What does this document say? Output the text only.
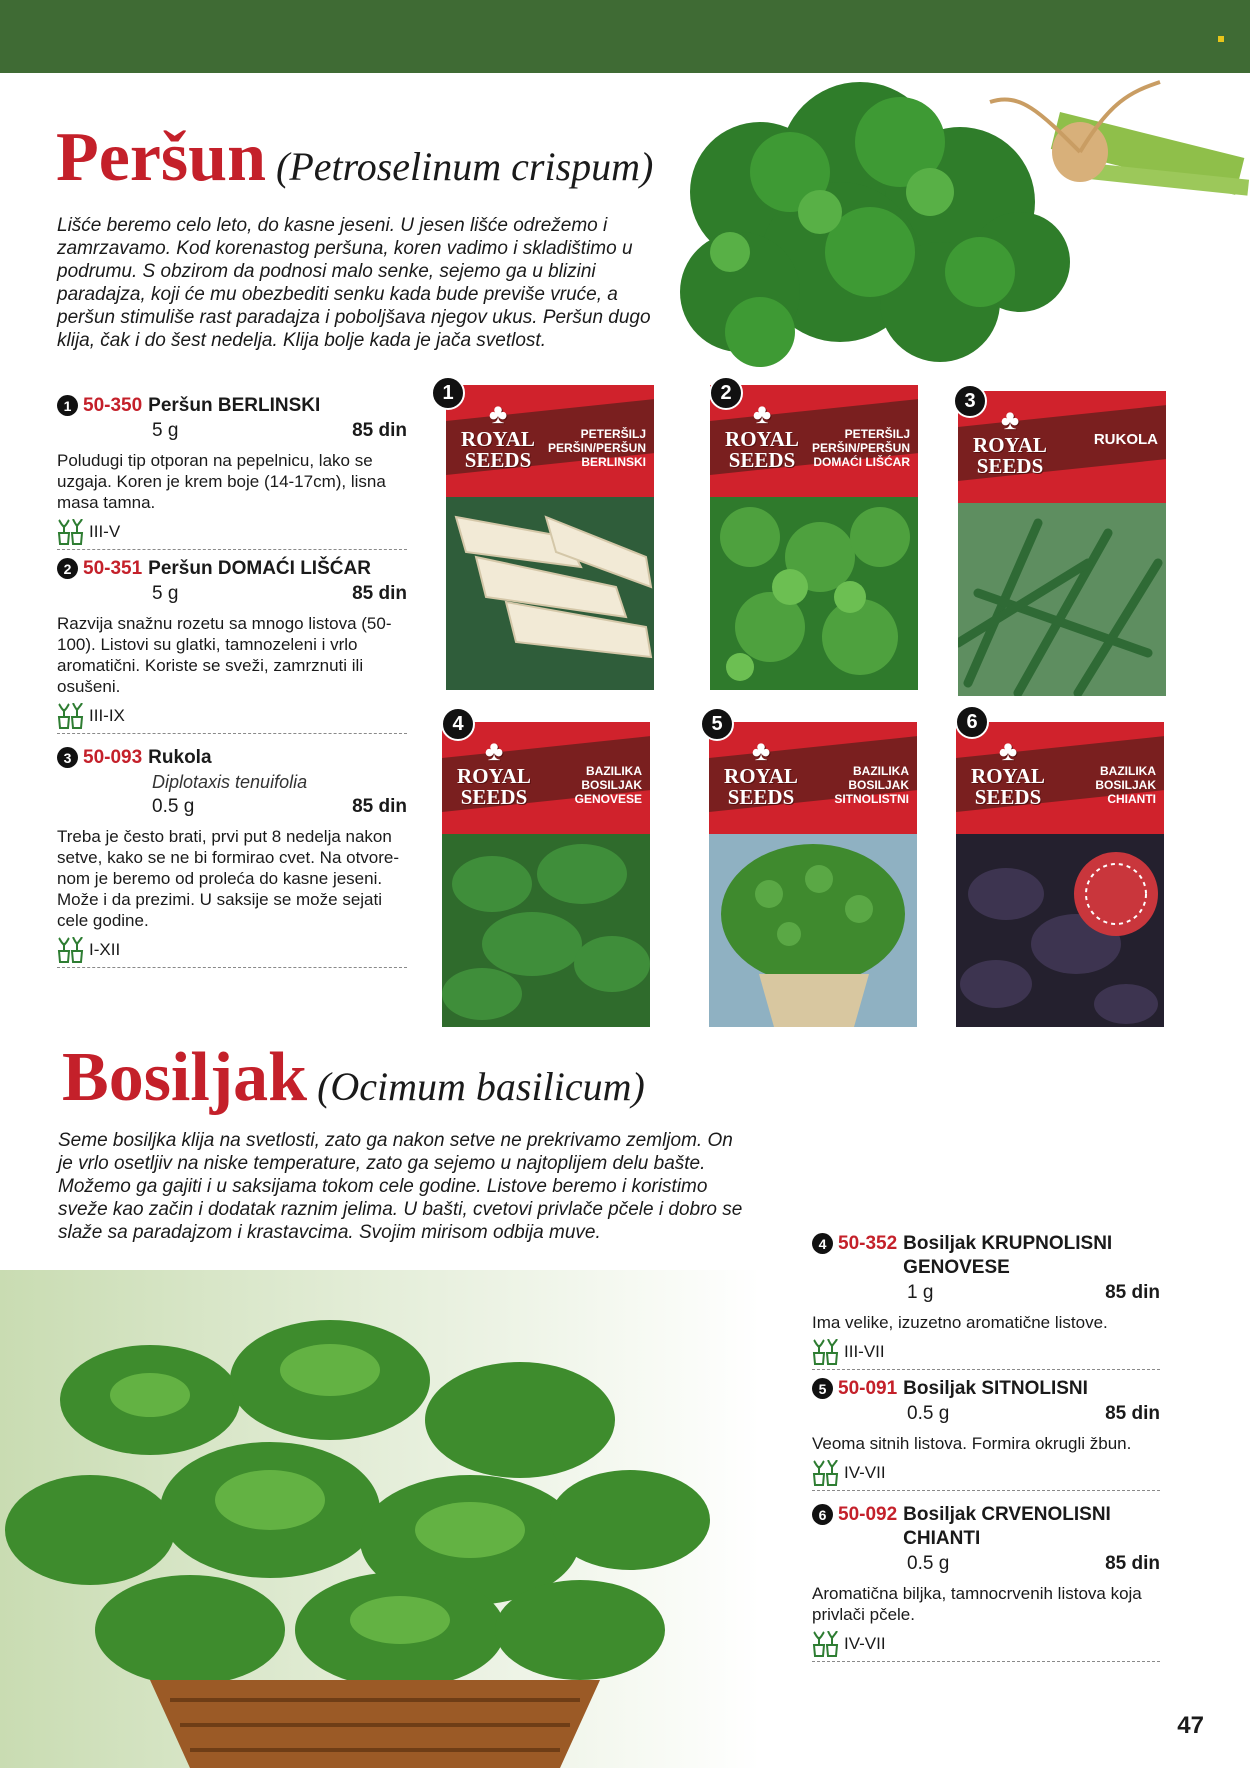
Peršun (Petroselinum crispum)
Lišće beremo celo leto, do kasne jeseni. U jesen lišće odrežemo i zamrzavamo. Kod korenastog peršuna, koren vadimo i skladištimo u podrumu. S obzirom da podnosi malo senke, sejemo ga u blizini paradajza, koji će mu obezbediti senku kada bude previše vruće, a peršun stimuliše rast paradajza i poboljšava njegov ukus. Peršun dugo klija, čak i do šest nedelja. Klija bolje kada je jača svetlost.
1 50-350 Peršun BERLINSKI
5 g	85 din
Poludugi tip otporan na pepelnicu, lako se uzgaja. Koren je krem boje (14-17cm), lisna masa tamna.
III-V
2 50-351 Peršun DOMAĆI LIŠĆAR
5 g	85 din
Razvija snažnu rozetu sa mnogo listova (50-100). Listovi su glatki, tamnozeleni i vrlo aromatični. Koriste se sveži, zamrznuti ili osušeni.
III-IX
3 50-093 Rukola
Diplotaxis tenuifolia
0.5 g	85 din
Treba je često brati, prvi put 8 nedelja nakon setve, kako se ne bi formirao cvet. Na otvore-nom je beremo od proleća do kasne jeseni. Može i da prezimi. U saksije se može sejati cele godine.
I-XII
♣
ROYAL SEEDS
PETERŠILJ PERŠIN/PERŠUN BERLINSKI
1
♣
ROYAL SEEDS
PETERŠILJ PERŠIN/PERŠUN DOMAĆI LIŠĆAR
2
♣
ROYAL SEEDS
RUKOLA
3
♣
ROYAL SEEDS
BAZILIKA BOSILJAK GENOVESE
4
♣
ROYAL SEEDS
BAZILIKA BOSILJAK SITNOLISTNI
5
♣
ROYAL SEEDS
BAZILIKA BOSILJAK CHIANTI
6
Bosiljak (Ocimum basilicum)
Seme bosiljka klija na svetlosti, zato ga nakon setve ne prekrivamo zemljom. On je vrlo osetljiv na niske temperature, zato ga sejemo u najtoplijem delu bašte. Možemo ga gajiti i u saksijama tokom cele godine. Listove beremo i koristimo sveže kao začin i dodatak raznim jelima. U bašti, cvetovi privlače pčele i dobro se slaže sa paradajzom i krastavcima. Svojim mirisom odbija muve.
4 50-352 Bosiljak KRUPNOLISNI GENOVESE
1 g	85 din
Ima velike, izuzetno aromatične listove.
III-VII
5 50-091 Bosiljak SITNOLISNI
0.5 g	85 din
Veoma sitnih listova. Formira okrugli žbun.
IV-VII
6 50-092 Bosiljak CRVENOLISNI CHIANTI
0.5 g	85 din
Aromatična biljka, tamnocrvenih listova koja privlači pčele.
IV-VII
47
